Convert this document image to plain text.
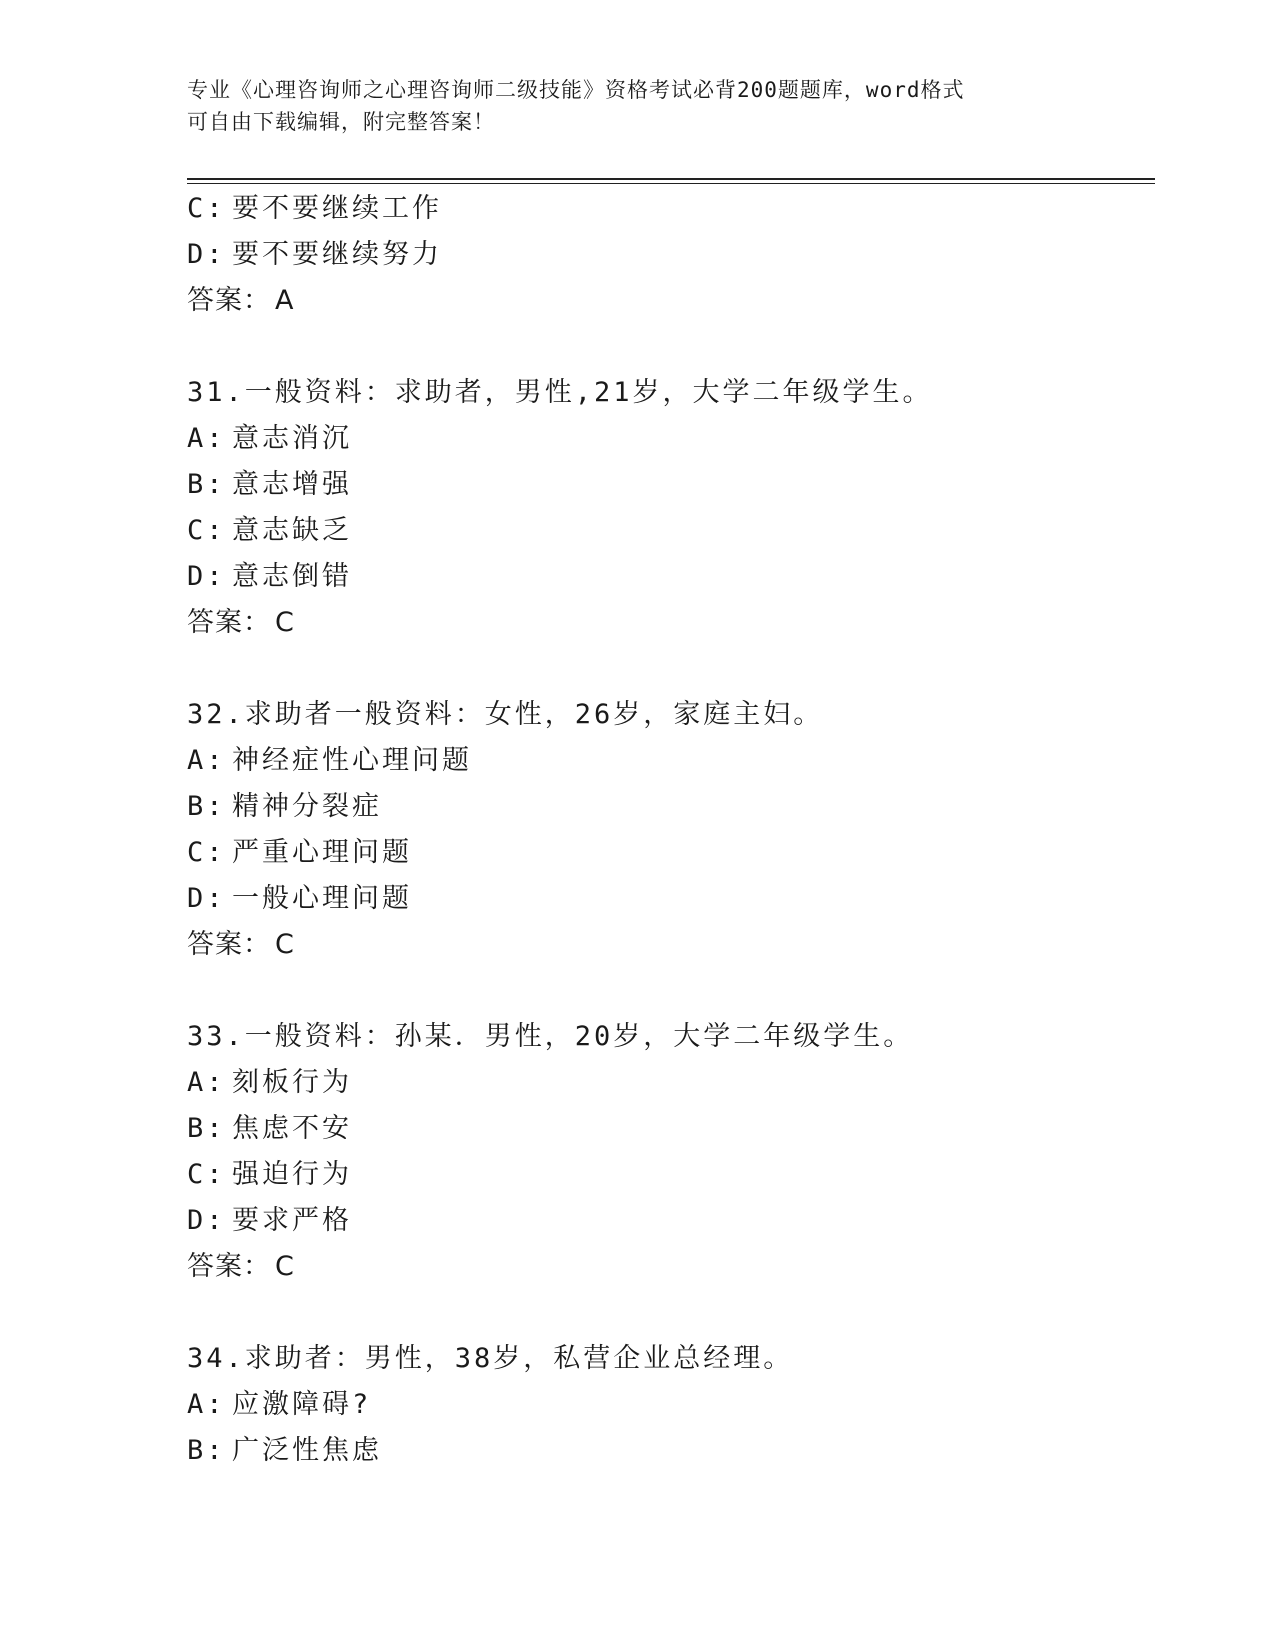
专业《心理咨询师之心理咨询师二级技能》资格考试必背200题题库，word格式
可自由下载编辑，附完整答案！
C: 要不要继续工作
D: 要不要继续努力
答案： A
31.一般资料：求助者，男性,21岁，大学二年级学生。
A: 意志消沉
B: 意志增强
C: 意志缺乏
D: 意志倒错
答案： C
32.求助者一般资料：女性，26岁，家庭主妇。
A: 神经症性心理问题
B: 精神分裂症
C: 严重心理问题
D: 一般心理问题
答案： C
33.一般资料：孙某．男性，20岁，大学二年级学生。
A: 刻板行为
B: 焦虑不安
C: 强迫行为
D: 要求严格
答案： C
34.求助者：男性，38岁，私营企业总经理。
A: 应激障碍?
B: 广泛性焦虑
